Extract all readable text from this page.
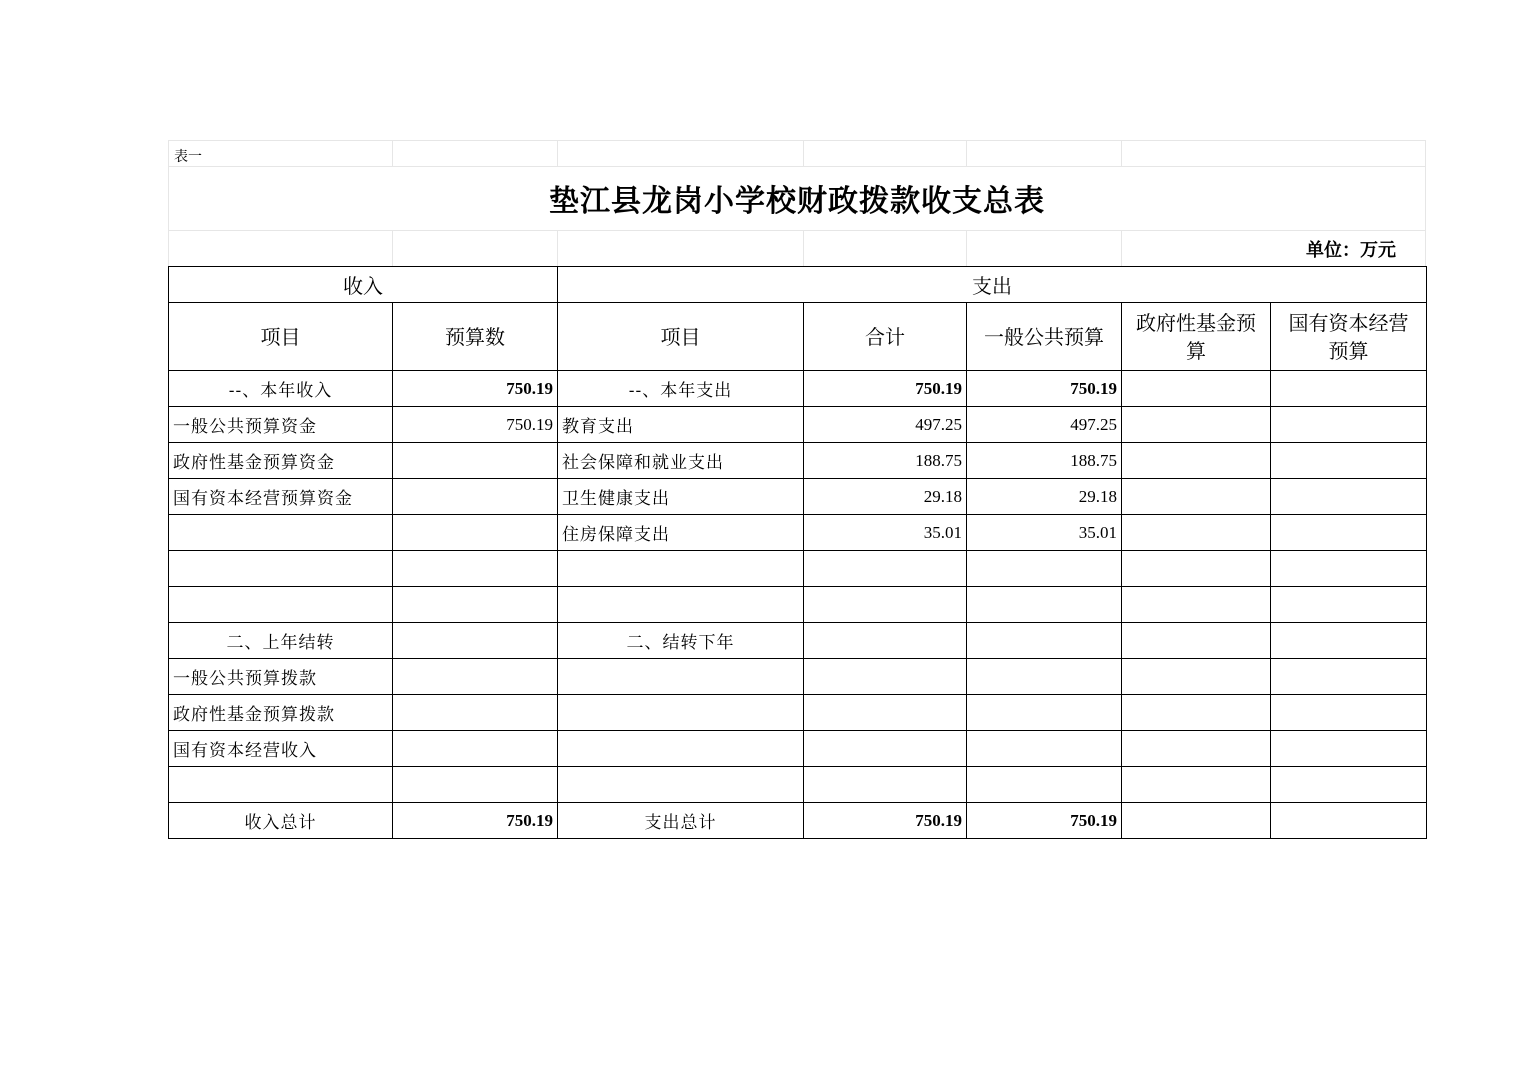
表一
垫江县龙岗小学校财政拨款收支总表
单位：万元
收入		支出				
项目	预算数	项目	合计	一般公共预算	政府性基金预算	国有资本经营预算
--、本年收入	750.19	--、本年支出	750.19	750.19		
一般公共预算资金	750.19	教育支出	497.25	497.25		
政府性基金预算资金		社会保障和就业支出	188.75	188.75		
国有资本经营预算资金		卫生健康支出	29.18	29.18		
		住房保障支出	35.01	35.01		

二、上年结转		二、结转下年				
一般公共预算拨款						
政府性基金预算拨款						
国有资本经营收入						

收入总计	750.19	支出总计	750.19	750.19		
